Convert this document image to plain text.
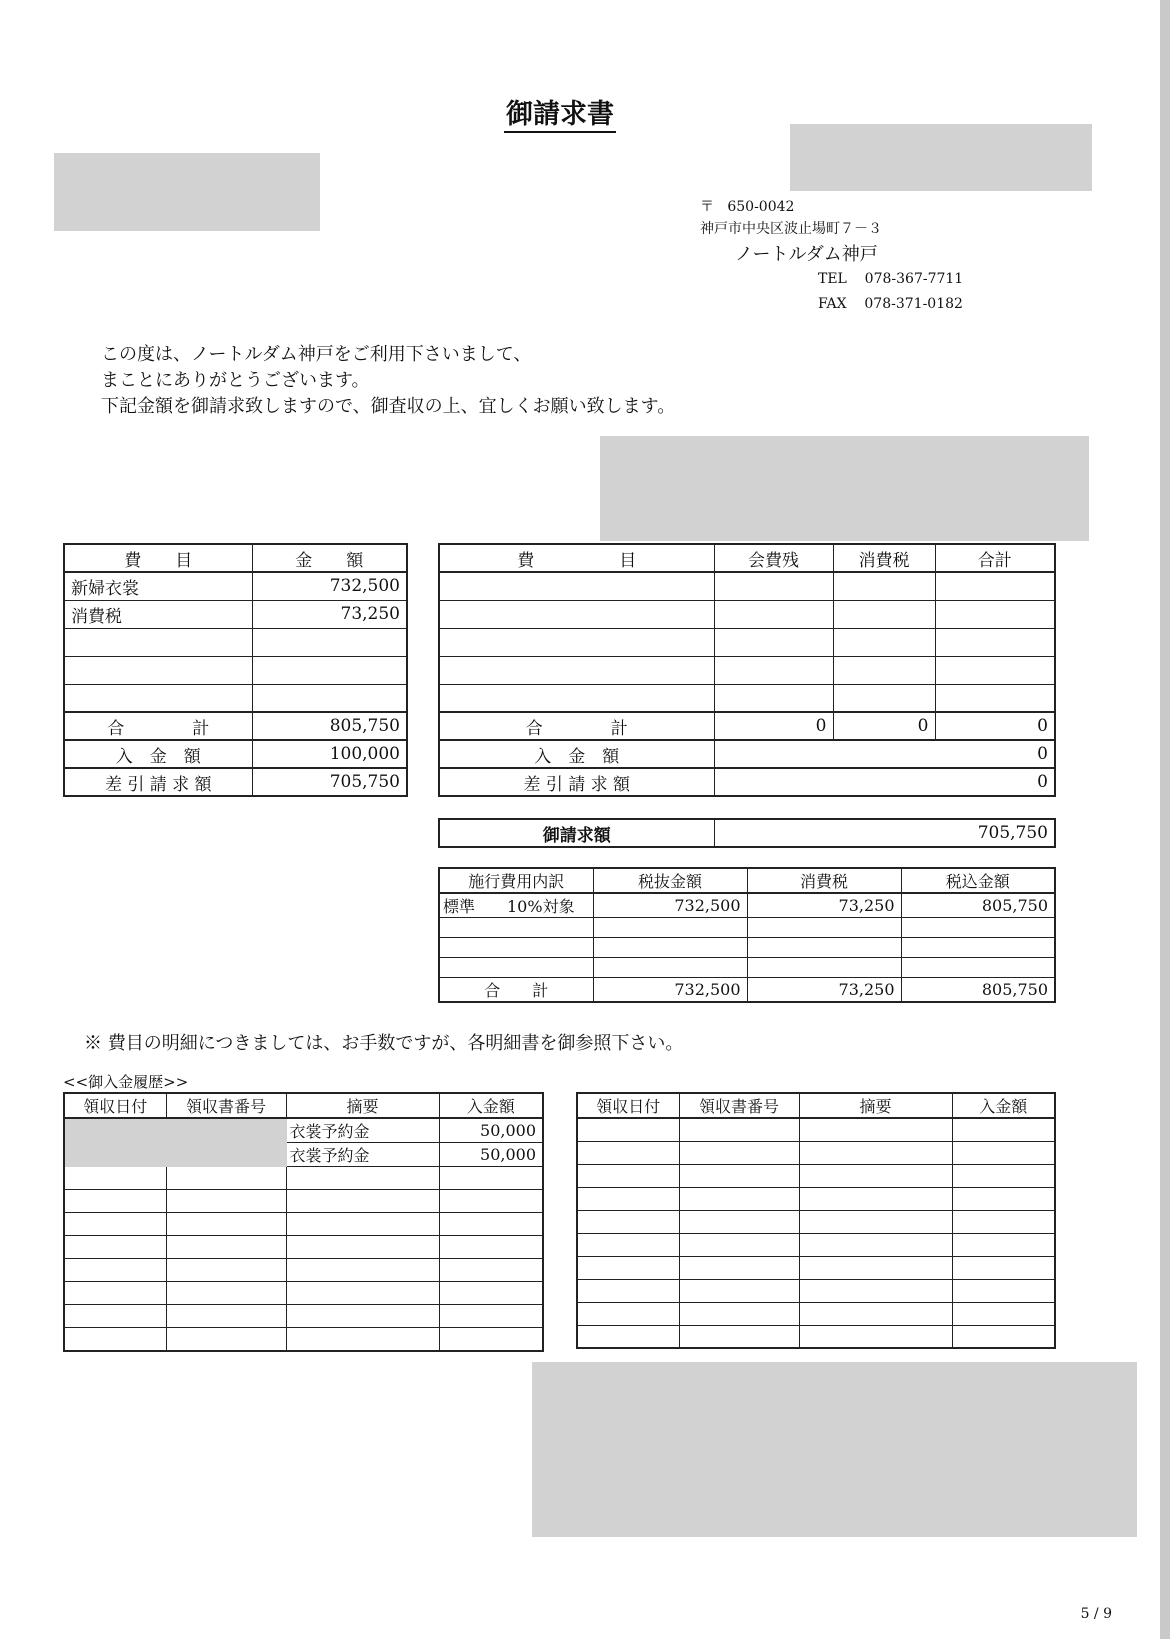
御請求書
〒 650-0042
神戸市中央区波止場町７－３
ノートルダム神戸
TEL 078-367-7711
FAX 078-371-0182
この度は、ノートルダム神戸をご利用下さいまして、
まことにありがとうございます。
下記金額を御請求致しますので、御査収の上、宜しくお願い致します。
費　　目	金　　額
新婦衣裳	732,500
消費税	73,250

合　　　　計	805,750
入　金　額	100,000
差 引 請 求 額	705,750
費　　　　　目	会費残	消費税	合計

合　　　　計	0	0	0
入　金　額	0		
差 引 請 求 額	0		
御請求額	705,750
施行費用内訳	税抜金額	消費税	税込金額
標準　　10%対象	732,500	73,250	805,750

合　　計	732,500	73,250	805,750
※ 費目の明細につきましては、お手数ですが、各明細書を御参照下さい。
<<御入金履歴>>
領収日付	領収書番号	摘要	入金額
		衣裳予約金	50,000
		衣裳予約金	50,000

領収日付	領収書番号	摘要	入金額

5 / 9
